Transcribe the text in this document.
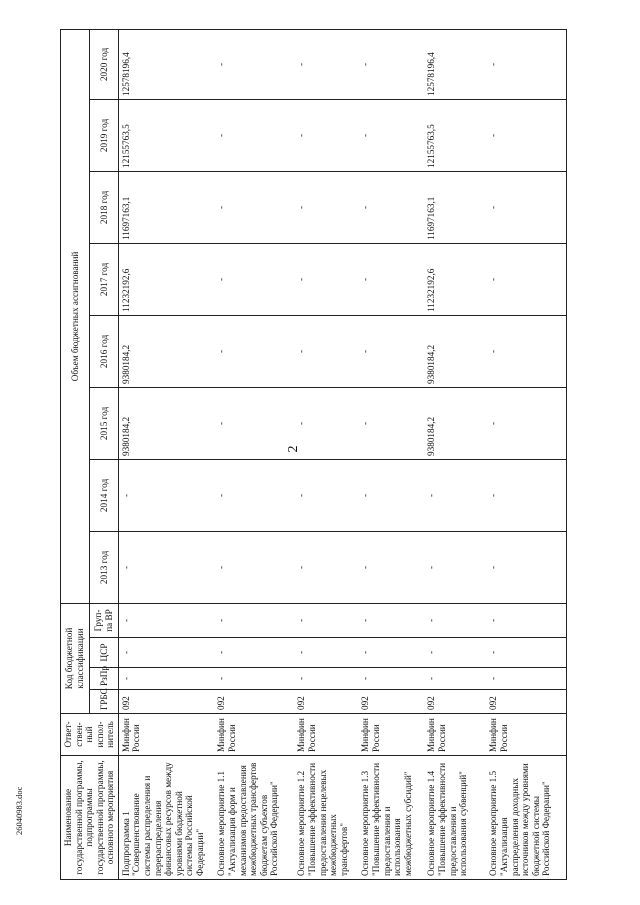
2
Наименование государственной программы, подпрограммы государственной программы, основного мероприятия	Ответ-ствен-ный испол-нитель	Код бюджетной классификации				Объем бюджетных ассигнований							
		ГРБС	РзПр	ЦСР	Груп-па ВР	2013 год	2014 год	2015 год	2016 год	2017 год	2018 год	2019 год	2020 год
Подпрограмма 1 "Совершенствование системы распределения и перераспределения финансовых ресурсов между уровнями бюджетной системы Российской Федерации"	Минфин России	092	-	-	-	-	-	9380184,2	9380184,2	11232192,6	11697163,1	12155763,5	12578196,4
Основное мероприятие 1.1 "Актуализация форм и механизмов предоставления межбюджетных трансфертов бюджетам субъектов Российской Федерации"	Минфин России	092	-	-	-	-	-	-	-	-	-	-	-
Основное мероприятие 1.2 "Повышение эффективности предоставления нецелевых межбюджетных трансфертов"	Минфин России	092	-	-	-	-	-	-	-	-	-	-	-
Основное мероприятие 1.3 "Повышение эффективности предоставления и использования межбюджетных субсидий"	Минфин России	092	-	-	-	-	-	-	-	-	-	-	-
Основное мероприятие 1.4 "Повышение эффективности предоставления и использования субвенций"	Минфин России	092	-	-	-	-	-	9380184,2	9380184,2	11232192,6	11697163,1	12155763,5	12578196,4
Основное мероприятие 1.5 "Актуализация распределения доходных источников между уровнями бюджетной системы Российской Федерации"	Минфин России	092	-	-	-	-	-	-	-	-	-	-	-
26040983.doc
